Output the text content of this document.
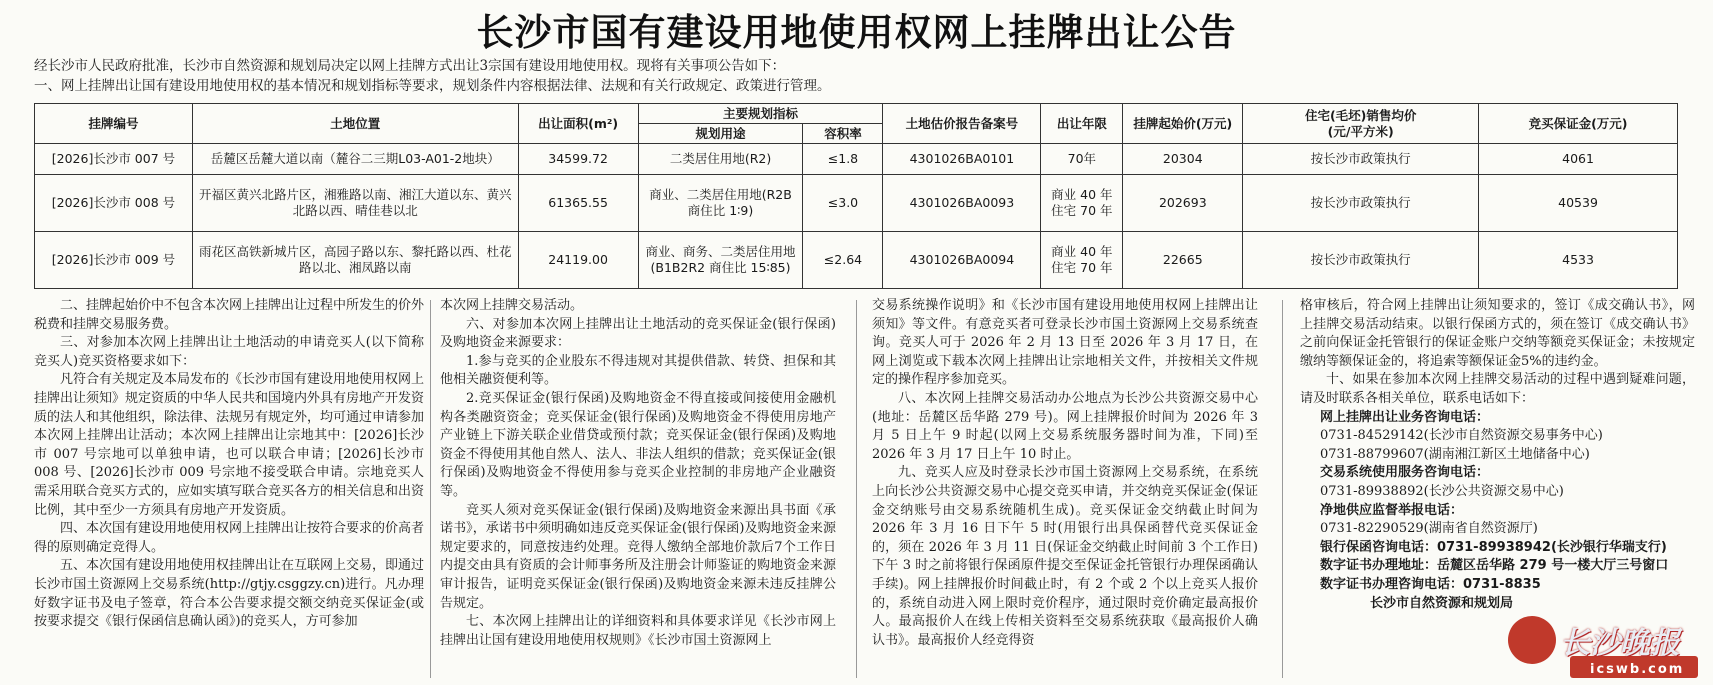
长沙市国有建设用地使用权网上挂牌出让公告
经长沙市人民政府批准，长沙市自然资源和规划局决定以网上挂牌方式出让3宗国有建设用地使用权。现将有关事项公告如下：
一、网上挂牌出让国有建设用地使用权的基本情况和规划指标等要求，规划条件内容根据法律、法规和有关行政规定、政策进行管理。
挂牌编号	土地位置	出让面积(m²)	主要规划指标		土地估价报告备案号	出让年限	挂牌起始价(万元)	住宅(毛坯)销售均价
(元/平方米)	竞买保证金(万元)
			规划用途	容积率					
[2026]长沙市 007 号	岳麓区岳麓大道以南（麓谷二三期L03-A01-2地块）	34599.72	二类居住用地(R2)	≤1.8	4301026BA0101	70年	20304	按长沙市政策执行	4061
[2026]长沙市 008 号	开福区黄兴北路片区，湘雅路以南、湘江大道以东、黄兴北路以西、晴佳巷以北	61365.55	商业、二类居住用地(R2B 商住比 1∶9)	≤3.0	4301026BA0093	商业 40 年 住宅 70 年	202693	按长沙市政策执行	40539
[2026]长沙市 009 号	雨花区高铁新城片区，高园子路以东、黎托路以西、杜花路以北、湘凤路以南	24119.00	商业、商务、二类居住用地(B1B2R2 商住比 15∶85)	≤2.64	4301026BA0094	商业 40 年 住宅 70 年	22665	按长沙市政策执行	4533

二、挂牌起始价中不包含本次网上挂牌出让过程中所发生的价外税费和挂牌交易服务费。

三、对参加本次网上挂牌出让土地活动的申请竞买人(以下简称竞买人)竞买资格要求如下：

凡符合有关规定及本局发布的《长沙市国有建设用地使用权网上挂牌出让须知》规定资质的中华人民共和国境内外具有房地产开发资质的法人和其他组织，除法律、法规另有规定外，均可通过申请参加本次网上挂牌出让活动；本次网上挂牌出让宗地其中：[2026]长沙市 007 号宗地可以单独申请，也可以联合申请；[2026]长沙市 008 号、[2026]长沙市 009 号宗地不接受联合申请。宗地竞买人需采用联合竞买方式的，应如实填写联合竞买各方的相关信息和出资比例，其中至少一方须具有房地产开发资质。

四、本次国有建设用地使用权网上挂牌出让按符合要求的价高者得的原则确定竞得人。

五、本次国有建设用地使用权挂牌出让在互联网上交易，即通过长沙市国土资源网上交易系统(http://gtjy.csggzy.cn)进行。凡办理好数字证书及电子签章，符合本公告要求提交额交纳竞买保证金(或按要求提交《银行保函信息确认函》)的竞买人，方可参加

本次网上挂牌交易活动。

六、对参加本次网上挂牌出让土地活动的竞买保证金(银行保函)及购地资金来源要求：

1.参与竞买的企业股东不得违规对其提供借款、转贷、担保和其他相关融资便利等。

2.竞买保证金(银行保函)及购地资金不得直接或间接使用金融机构各类融资资金；竞买保证金(银行保函)及购地资金不得使用房地产产业链上下游关联企业借贷或预付款；竞买保证金(银行保函)及购地资金不得使用其他自然人、法人、非法人组织的借款；竞买保证金(银行保函)及购地资金不得使用参与竞买企业控制的非房地产企业融资等。

竞买人须对竞买保证金(银行保函)及购地资金来源出具书面《承诺书》，承诺书中须明确如违反竞买保证金(银行保函)及购地资金来源规定要求的，同意按违约处理。竞得人缴纳全部地价款后7个工作日内提交由具有资质的会计师事务所及注册会计师鉴证的购地资金来源审计报告，证明竞买保证金(银行保函)及购地资金来源未违反挂牌公告规定。

七、本次网上挂牌出让的详细资料和具体要求详见《长沙市网上挂牌出让国有建设用地使用权规则》《长沙市国土资源网上

交易系统操作说明》和《长沙市国有建设用地使用权网上挂牌出让须知》等文件。有意竞买者可登录长沙市国土资源网上交易系统查询。竞买人可于 2026 年 2 月 13 日至 2026 年 3 月 17 日，在网上浏览或下载本次网上挂牌出让宗地相关文件，并按相关文件规定的操作程序参加竞买。

八、本次网上挂牌交易活动办公地点为长沙公共资源交易中心(地址：岳麓区岳华路 279 号)。网上挂牌报价时间为 2026 年 3 月 5 日上午 9 时起(以网上交易系统服务器时间为准，下同)至 2026 年 3 月 17 日上午 10 时止。

九、竞买人应及时登录长沙市国土资源网上交易系统，在系统上向长沙公共资源交易中心提交竞买申请，并交纳竞买保证金(保证金交纳账号由交易系统随机生成)。竞买保证金交纳截止时间为 2026 年 3 月 16 日下午 5 时(用银行出具保函替代竞买保证金的，须在 2026 年 3 月 11 日(保证金交纳截止时间前 3 个工作日)下午 3 时之前将银行保函原件提交至保证金托管银行办理保函确认手续)。网上挂牌报价时间截止时，有 2 个或 2 个以上竞买人报价的，系统自动进入网上限时竞价程序，通过限时竞价确定最高报价人。最高报价人在线上传相关资料至交易系统获取《最高报价人确认书》。最高报价人经竞得资

格审核后，符合网上挂牌出让须知要求的，签订《成交确认书》，网上挂牌交易活动结束。以银行保函方式的，须在签订《成交确认书》之前向保证金托管银行的保证金账户交纳等额竞买保证金；未按规定缴纳等额保证金的，将追索等额保证金5%的违约金。

十、如果在参加本次网上挂牌交易活动的过程中遇到疑难问题，请及时联系各相关单位，联系电话如下：

网上挂牌出让业务咨询电话：

0731-84529142(长沙市自然资源交易事务中心)

0731-88799607(湖南湘江新区土地储备中心)

交易系统使用服务咨询电话：

0731-89938892(长沙公共资源交易中心)

净地供应监督举报电话：

0731-82290529(湖南省自然资源厅)

银行保函咨询电话：0731-89938942(长沙银行华瑞支行)

数字证书办理地址：岳麓区岳华路 279 号一楼大厅三号窗口

数字证书办理咨询电话：0731-8835

长沙市自然资源和规划局

长沙晚报
icswb.com
